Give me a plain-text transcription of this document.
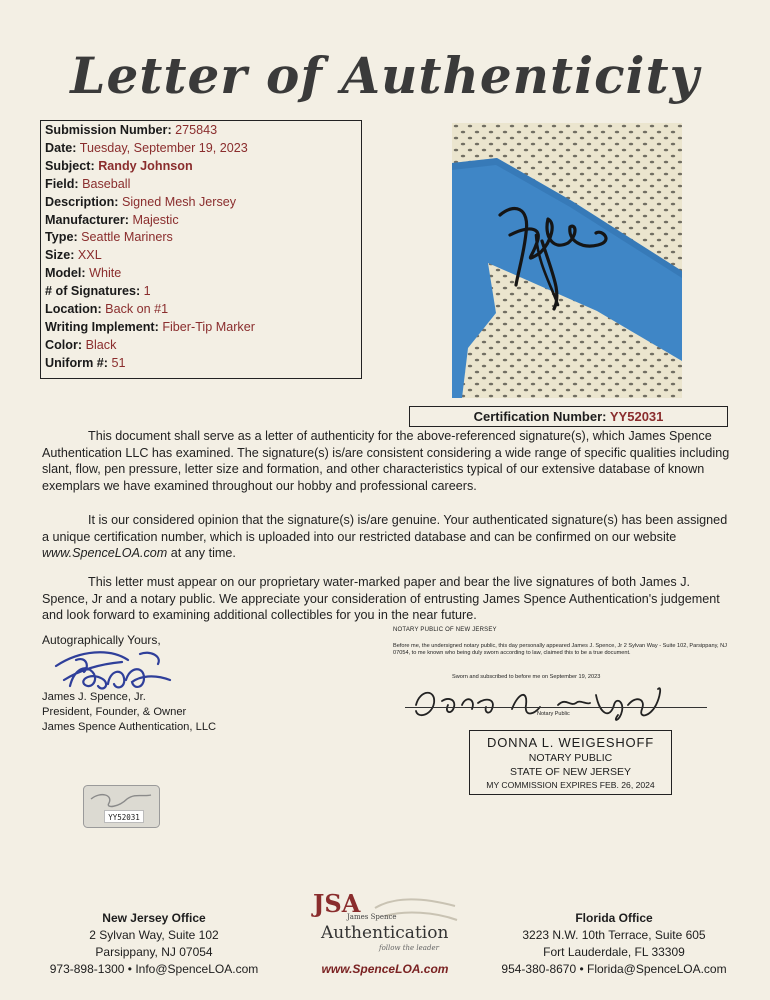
Letter of Authenticity
Submission Number: 275843
Date: Tuesday, September 19, 2023
Subject: Randy Johnson
Field: Baseball
Description: Signed Mesh Jersey
Manufacturer: Majestic
Type: Seattle Mariners
Size: XXL
Model: White
# of Signatures: 1
Location: Back on #1
Writing Implement: Fiber-Tip Marker
Color: Black
Uniform #: 51
Certification Number: YY52031
This document shall serve as a letter of authenticity for the above-referenced signature(s), which James Spence Authentication LLC has examined. The signature(s) is/are consistent considering a wide range of specific qualities including slant, flow, pen pressure, letter size and formation, and other characteristics typical of our extensive database of known exemplars we have examined throughout our hobby and professional careers.
It is our considered opinion that the signature(s) is/are genuine. Your authenticated signature(s) has been assigned a unique certification number, which is uploaded into our restricted database and can be confirmed on our website www.SpenceLOA.com at any time.
This letter must appear on our proprietary water-marked paper and bear the live signatures of both James J. Spence, Jr and a notary public. We appreciate your consideration of entrusting James Spence Authentication's judgement and look forward to examining additional collectibles for you in the near future.
Autographically Yours,
James J. Spence, Jr.
President, Founder, & Owner
James Spence Authentication, LLC
NOTARY PUBLIC OF NEW JERSEY
Before me, the undersigned notary public, this day personally appeared James J. Spence, Jr 2 Sylvan Way - Suite 102, Parsippany, NJ 07054, to me known who being duly sworn according to law, claimed this to be a true document.
Sworn and subscribed to before me on September 19, 2023
Notary Public
DONNA L. WEIGESHOFF
NOTARY PUBLIC
STATE OF NEW JERSEY
MY COMMISSION EXPIRES FEB. 26, 2024
YY52031
New Jersey Office
2 Sylvan Way, Suite 102
Parsippany, NJ 07054
973-898-1300 • Info@SpenceLOA.com
JSA
James Spence
Authentication
follow the leader
www.SpenceLOA.com
Florida Office
3223 N.W. 10th Terrace, Suite 605
Fort Lauderdale, FL 33309
954-380-8670 • Florida@SpenceLOA.com
